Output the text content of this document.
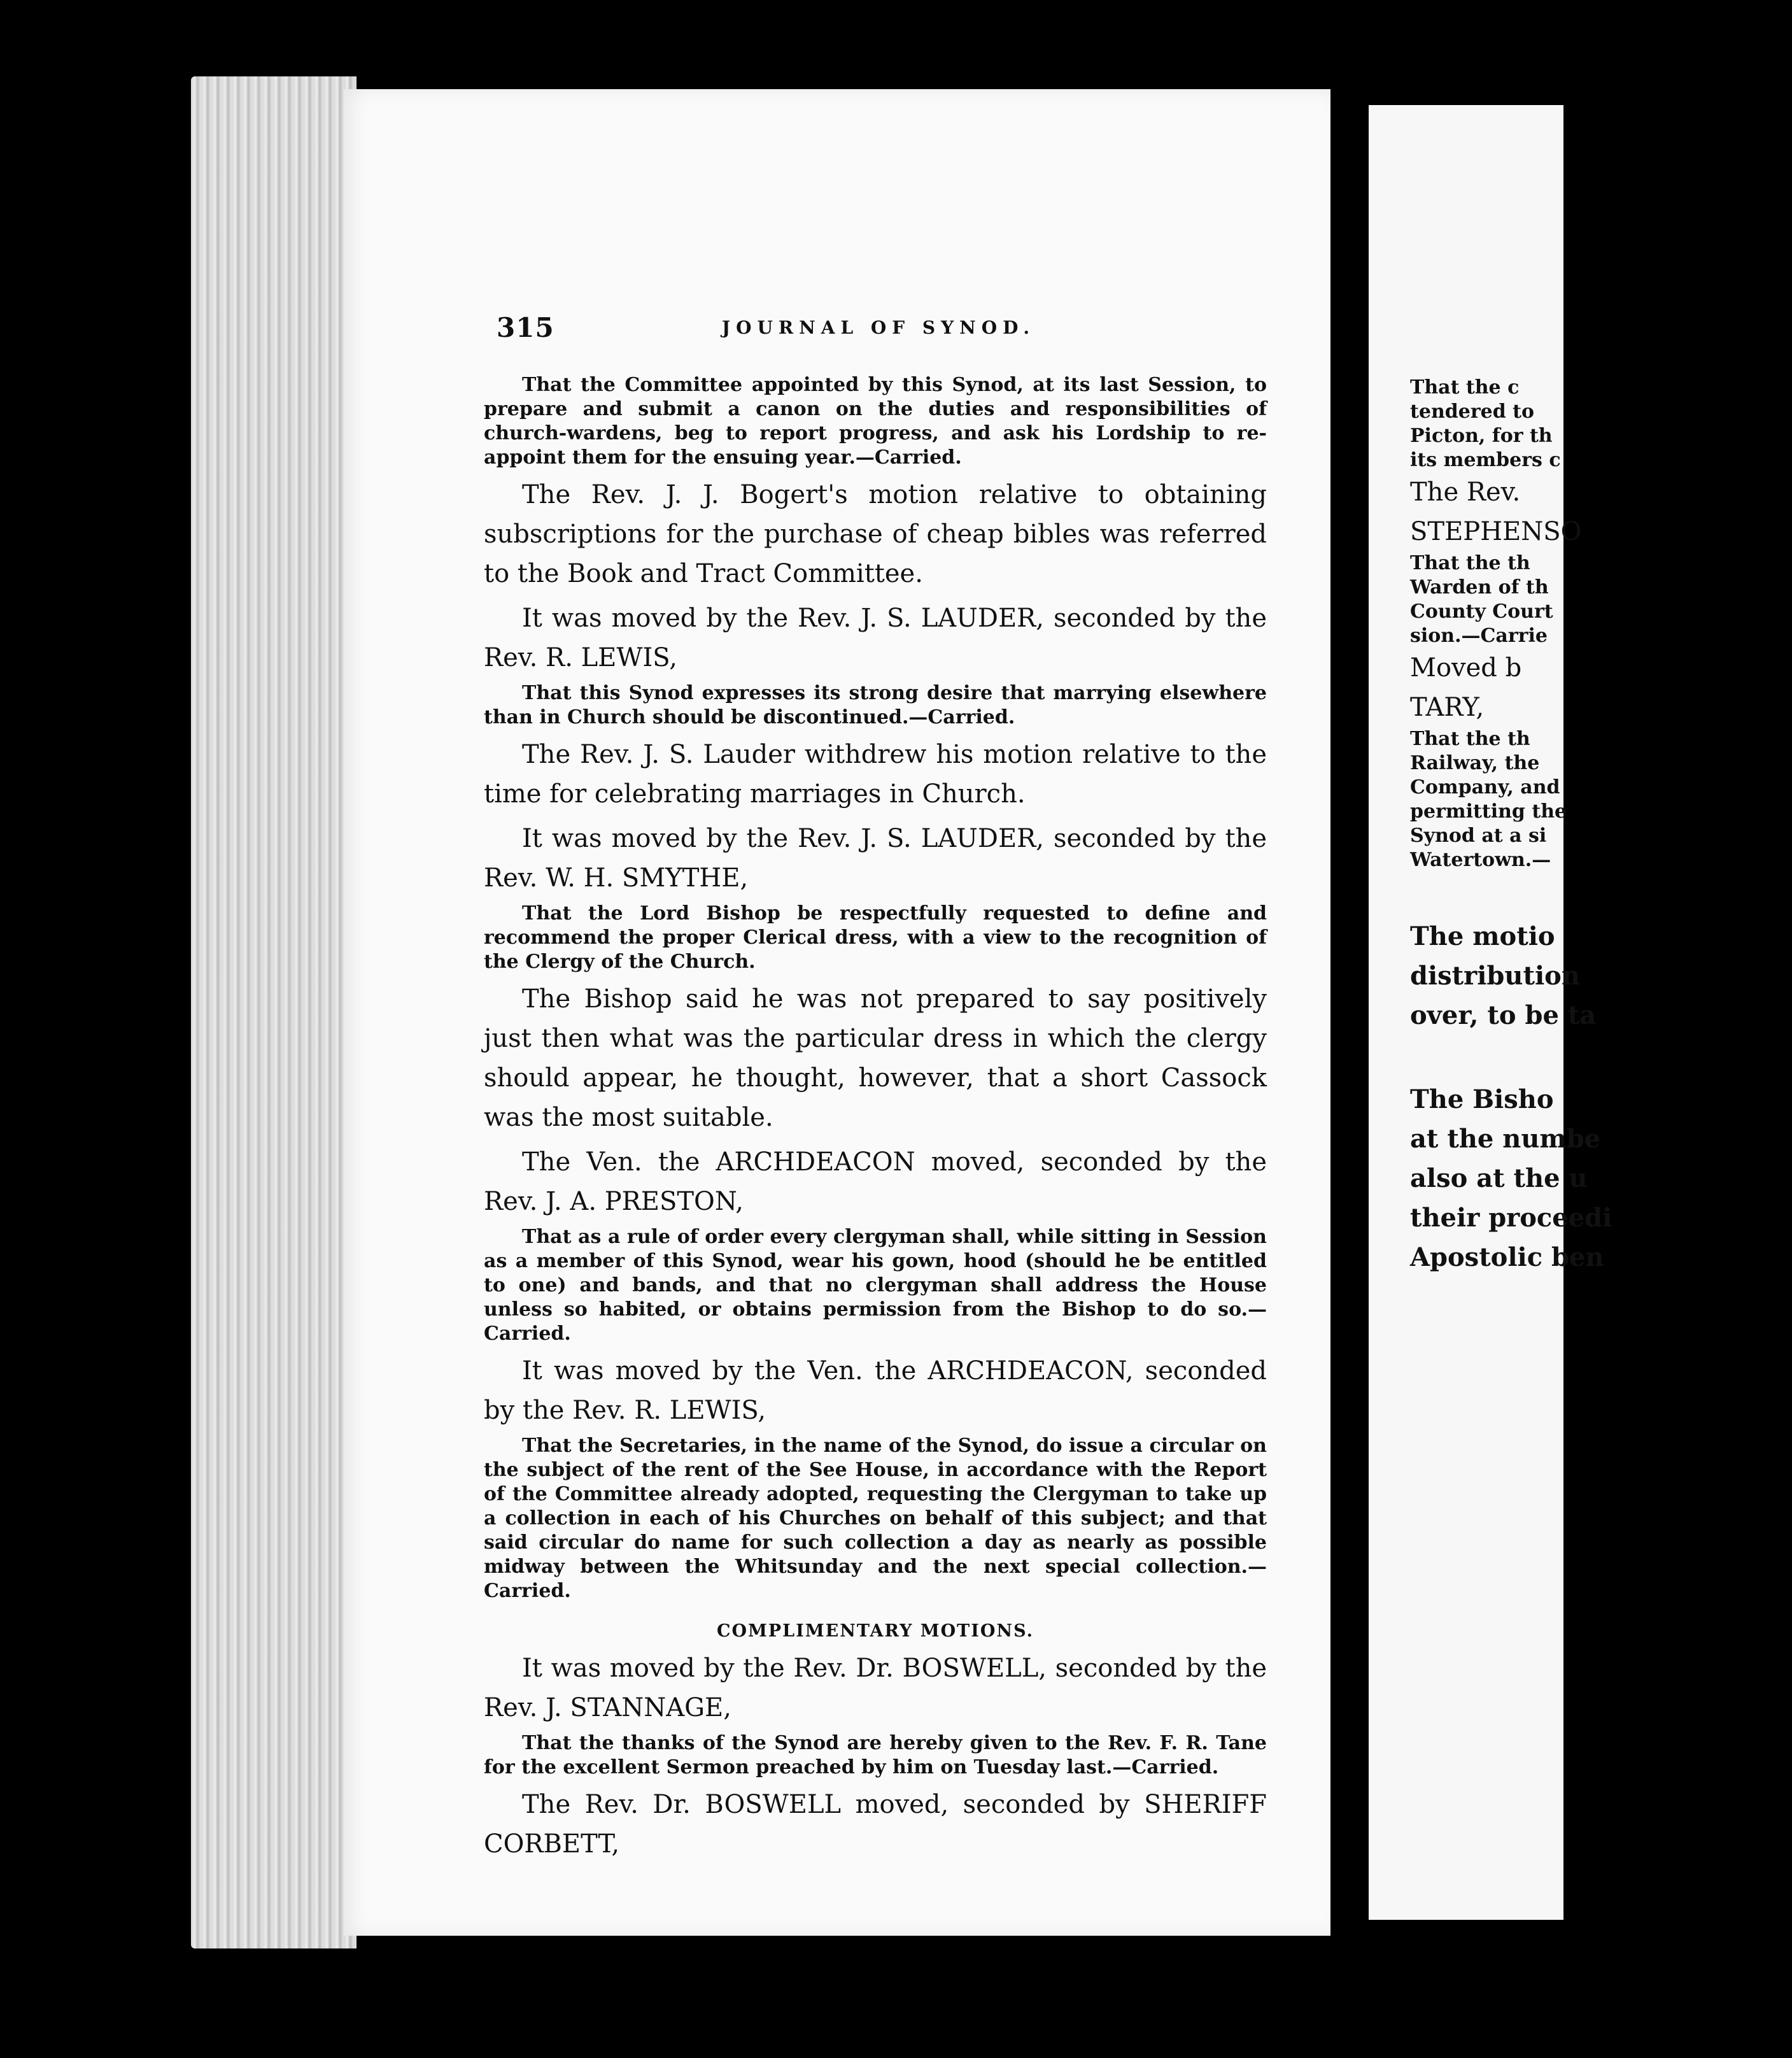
315	JOURNAL OF SYNOD.

That the Committee appointed by this Synod, at its last Session, to prepare and submit a canon on the duties and responsibilities of church-wardens, beg to report progress, and ask his Lordship to re-appoint them for the ensuing year.—Carried.

The Rev. J. J. Bogert's motion relative to obtaining subscriptions for the purchase of cheap bibles was referred to the Book and Tract Committee.

It was moved by the Rev. J. S. LAUDER, seconded by the Rev. R. LEWIS,

That this Synod expresses its strong desire that marrying elsewhere than in Church should be discontinued.—Carried.

The Rev. J. S. Lauder withdrew his motion relative to the time for celebrating marriages in Church.

It was moved by the Rev. J. S. LAUDER, seconded by the Rev. W. H. SMYTHE,

That the Lord Bishop be respectfully requested to define and recommend the proper Clerical dress, with a view to the recognition of the Clergy of the Church.

The Bishop said he was not prepared to say positively just then what was the particular dress in which the clergy should appear, he thought, however, that a short Cassock was the most suitable.

The Ven. the ARCHDEACON moved, seconded by the Rev. J. A. PRESTON,

That as a rule of order every clergyman shall, while sitting in Session as a member of this Synod, wear his gown, hood (should he be entitled to one) and bands, and that no clergyman shall address the House unless so habited, or obtains permission from the Bishop to do so.—Carried.

It was moved by the Ven. the ARCHDEACON, seconded by the Rev. R. LEWIS,

That the Secretaries, in the name of the Synod, do issue a circular on the subject of the rent of the See House, in accordance with the Report of the Committee already adopted, requesting the Clergyman to take up a collection in each of his Churches on behalf of this subject; and that said circular do name for such collection a day as nearly as possible midway between the Whitsunday and the next special collection.—Carried.

COMPLIMENTARY MOTIONS.

It was moved by the Rev. Dr. BOSWELL, seconded by the Rev. J. STANNAGE,

That the thanks of the Synod are hereby given to the Rev. F. R. Tane for the excellent Sermon preached by him on Tuesday last.—Carried.

The Rev. Dr. BOSWELL moved, seconded by SHERIFF CORBETT,

That the c

tendered to

Picton, for th

its members c

The Rev.

STEPHENSO

That the th

Warden of th

County Court

sion.—Carrie

Moved b

TARY,

That the th

Railway, the

Company, and

permitting the

Synod at a si

Watertown.—

The motio

distribution

over, to be ta

The Bisho

at the numbe

also at the u

their proceedi

Apostolic ben
